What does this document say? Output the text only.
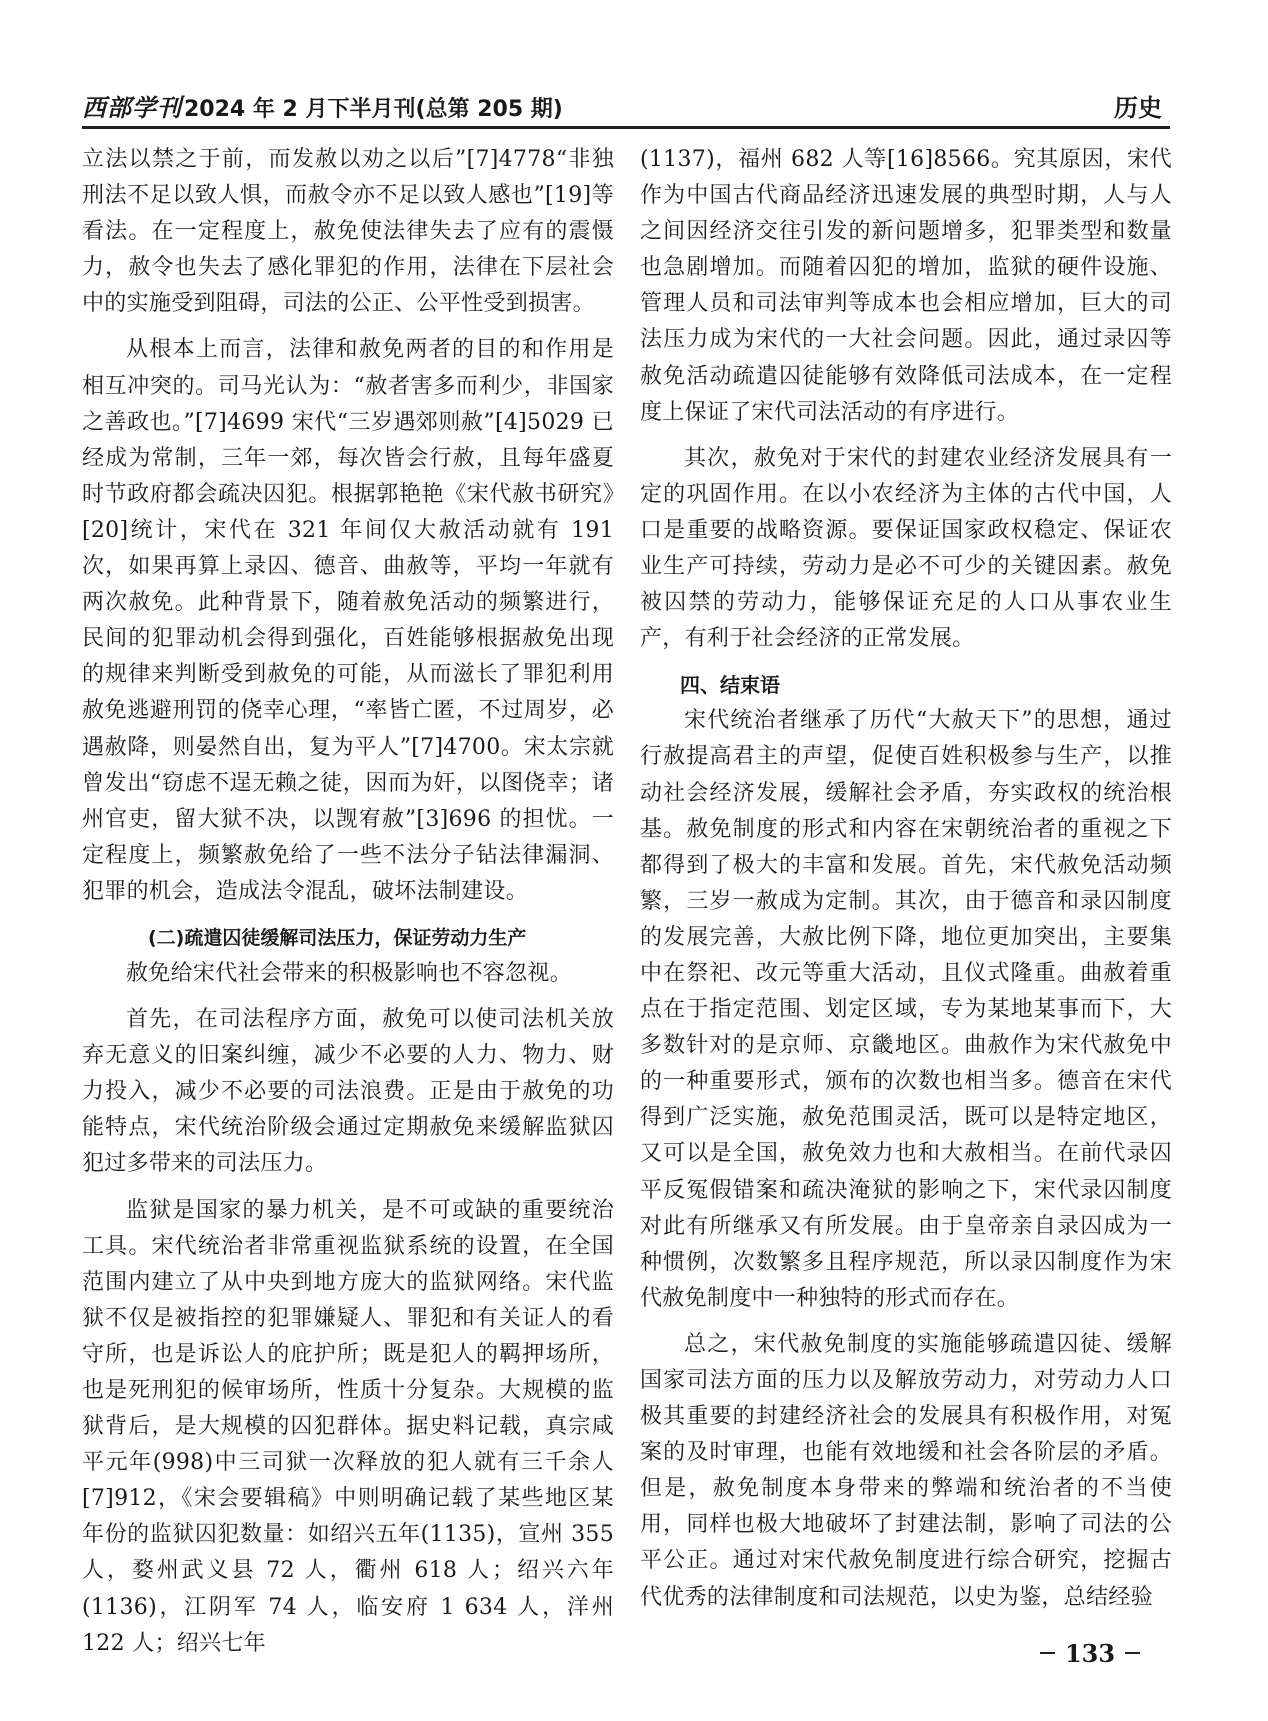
西部学刊 2024 年 2 月下半月刊(总第 205 期)	历史

立法以禁之于前，而发赦以劝之以后”[7]4778“非独刑法不足以致人惧，而赦令亦不足以致人感也”[19]等看法。在一定程度上，赦免使法律失去了应有的震慑力，赦令也失去了感化罪犯的作用，法律在下层社会中的实施受到阻碍，司法的公正、公平性受到损害。

从根本上而言，法律和赦免两者的目的和作用是相互冲突的。司马光认为：“赦者害多而利少，非国家之善政也。”[7]4699 宋代“三岁遇郊则赦”[4]5029 已经成为常制，三年一郊，每次皆会行赦，且每年盛夏时节政府都会疏决囚犯。根据郭艳艳《宋代赦书研究》[20]统计，宋代在 321 年间仅大赦活动就有 191 次，如果再算上录囚、德音、曲赦等，平均一年就有两次赦免。此种背景下，随着赦免活动的频繁进行，民间的犯罪动机会得到强化，百姓能够根据赦免出现的规律来判断受到赦免的可能，从而滋长了罪犯利用赦免逃避刑罚的侥幸心理，“率皆亡匿，不过周岁，必遇赦降，则晏然自出，复为平人”[7]4700。宋太宗就曾发出“窃虑不逞无赖之徒，因而为奸，以图侥幸；诸州官吏，留大狱不决，以觊宥赦”[3]696 的担忧。一定程度上，频繁赦免给了一些不法分子钻法律漏洞、犯罪的机会，造成法令混乱，破坏法制建设。

(二)疏遣囚徒缓解司法压力，保证劳动力生产

赦免给宋代社会带来的积极影响也不容忽视。

首先，在司法程序方面，赦免可以使司法机关放弃无意义的旧案纠缠，减少不必要的人力、物力、财力投入，减少不必要的司法浪费。正是由于赦免的功能特点，宋代统治阶级会通过定期赦免来缓解监狱囚犯过多带来的司法压力。

监狱是国家的暴力机关，是不可或缺的重要统治工具。宋代统治者非常重视监狱系统的设置，在全国范围内建立了从中央到地方庞大的监狱网络。宋代监狱不仅是被指控的犯罪嫌疑人、罪犯和有关证人的看守所，也是诉讼人的庇护所；既是犯人的羁押场所，也是死刑犯的候审场所，性质十分复杂。大规模的监狱背后，是大规模的囚犯群体。据史料记载，真宗咸平元年(998)中三司狱一次释放的犯人就有三千余人[7]912，《宋会要辑稿》中则明确记载了某些地区某年份的监狱囚犯数量：如绍兴五年(1135)，宣州 355 人，婺州武义县 72 人，衢州 618 人；绍兴六年(1136)，江阴军 74 人，临安府 1 634 人，洋州 122 人；绍兴七年

(1137)，福州 682 人等[16]8566。究其原因，宋代作为中国古代商品经济迅速发展的典型时期，人与人之间因经济交往引发的新问题增多，犯罪类型和数量也急剧增加。而随着囚犯的增加，监狱的硬件设施、管理人员和司法审判等成本也会相应增加，巨大的司法压力成为宋代的一大社会问题。因此，通过录囚等赦免活动疏遣囚徒能够有效降低司法成本，在一定程度上保证了宋代司法活动的有序进行。

其次，赦免对于宋代的封建农业经济发展具有一定的巩固作用。在以小农经济为主体的古代中国，人口是重要的战略资源。要保证国家政权稳定、保证农业生产可持续，劳动力是必不可少的关键因素。赦免被囚禁的劳动力，能够保证充足的人口从事农业生产，有利于社会经济的正常发展。

四、结束语

宋代统治者继承了历代“大赦天下”的思想，通过行赦提高君主的声望，促使百姓积极参与生产，以推动社会经济发展，缓解社会矛盾，夯实政权的统治根基。赦免制度的形式和内容在宋朝统治者的重视之下都得到了极大的丰富和发展。首先，宋代赦免活动频繁，三岁一赦成为定制。其次，由于德音和录囚制度的发展完善，大赦比例下降，地位更加突出，主要集中在祭祀、改元等重大活动，且仪式隆重。曲赦着重点在于指定范围、划定区域，专为某地某事而下，大多数针对的是京师、京畿地区。曲赦作为宋代赦免中的一种重要形式，颁布的次数也相当多。德音在宋代得到广泛实施，赦免范围灵活，既可以是特定地区，又可以是全国，赦免效力也和大赦相当。在前代录囚平反冤假错案和疏决淹狱的影响之下，宋代录囚制度对此有所继承又有所发展。由于皇帝亲自录囚成为一种惯例，次数繁多且程序规范，所以录囚制度作为宋代赦免制度中一种独特的形式而存在。

总之，宋代赦免制度的实施能够疏遣囚徒、缓解国家司法方面的压力以及解放劳动力，对劳动力人口极其重要的封建经济社会的发展具有积极作用，对冤案的及时审理，也能有效地缓和社会各阶层的矛盾。但是，赦免制度本身带来的弊端和统治者的不当使用，同样也极大地破坏了封建法制，影响了司法的公平公正。通过对宋代赦免制度进行综合研究，挖掘古代优秀的法律制度和司法规范，以史为鉴，总结经验

133
